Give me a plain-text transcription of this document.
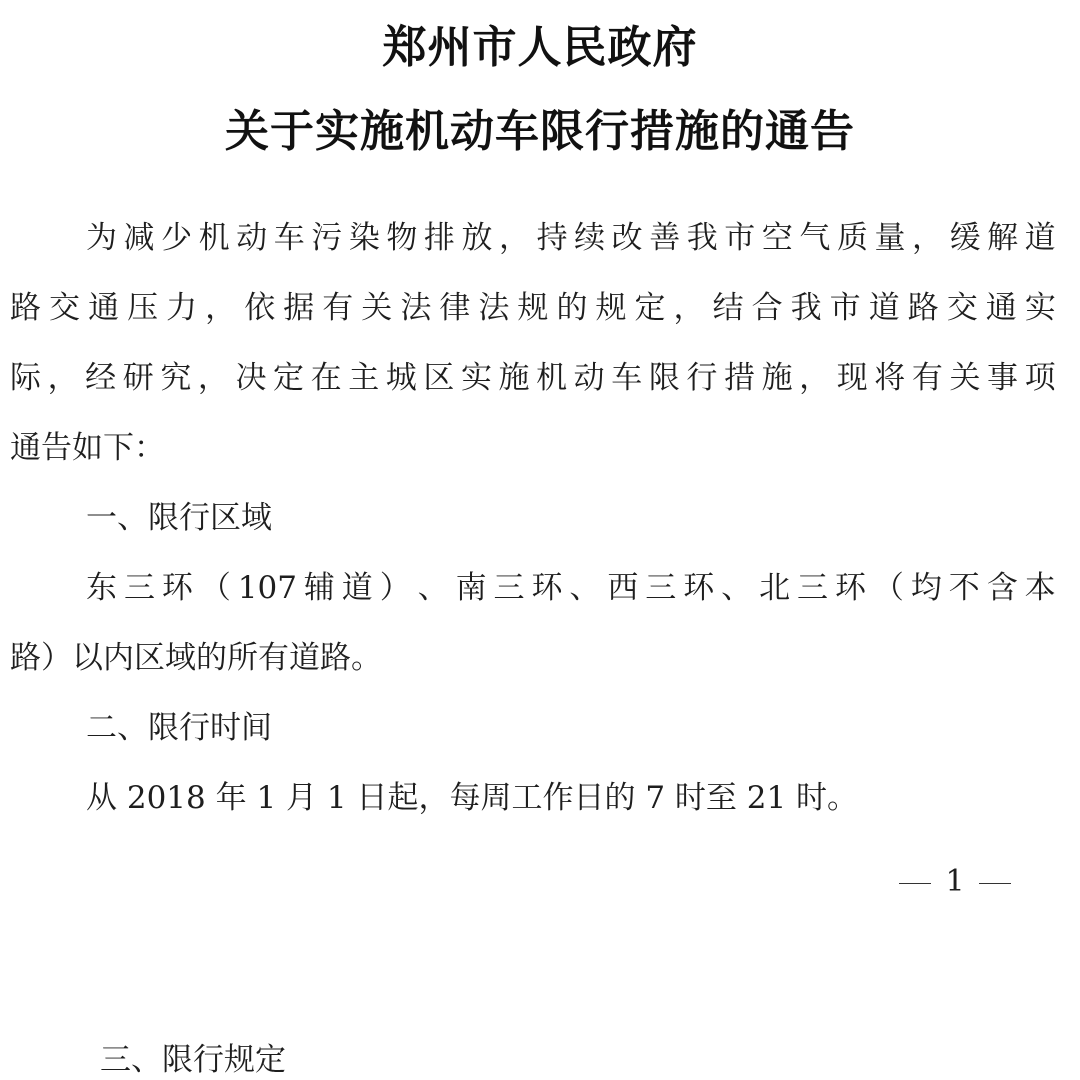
郑州市人民政府
关于实施机动车限行措施的通告
为 减 少 机 动 车 污 染 物 排 放 ， 持 续 改 善 我 市 空 气 质 量 ， 缓 解 道
路 交 通 压 力 ， 依 据 有 关 法 律 法 规 的 规 定 ， 结 合 我 市 道 路 交 通 实
际 ， 经 研 究 ， 决 定 在 主 城 区 实 施 机 动 车 限 行 措 施 ， 现 将 有 关 事 项
通告如下：
一、限行区域
东 三 环 （ 107 辅 道 ） 、 南 三 环 、 西 三 环 、 北 三 环 （ 均 不 含 本
路）以内区域的所有道路。
二、限行时间
从 2018 年 1 月 1 日起，每周工作日的 7 时至 21 时。
1
三、限行规定
